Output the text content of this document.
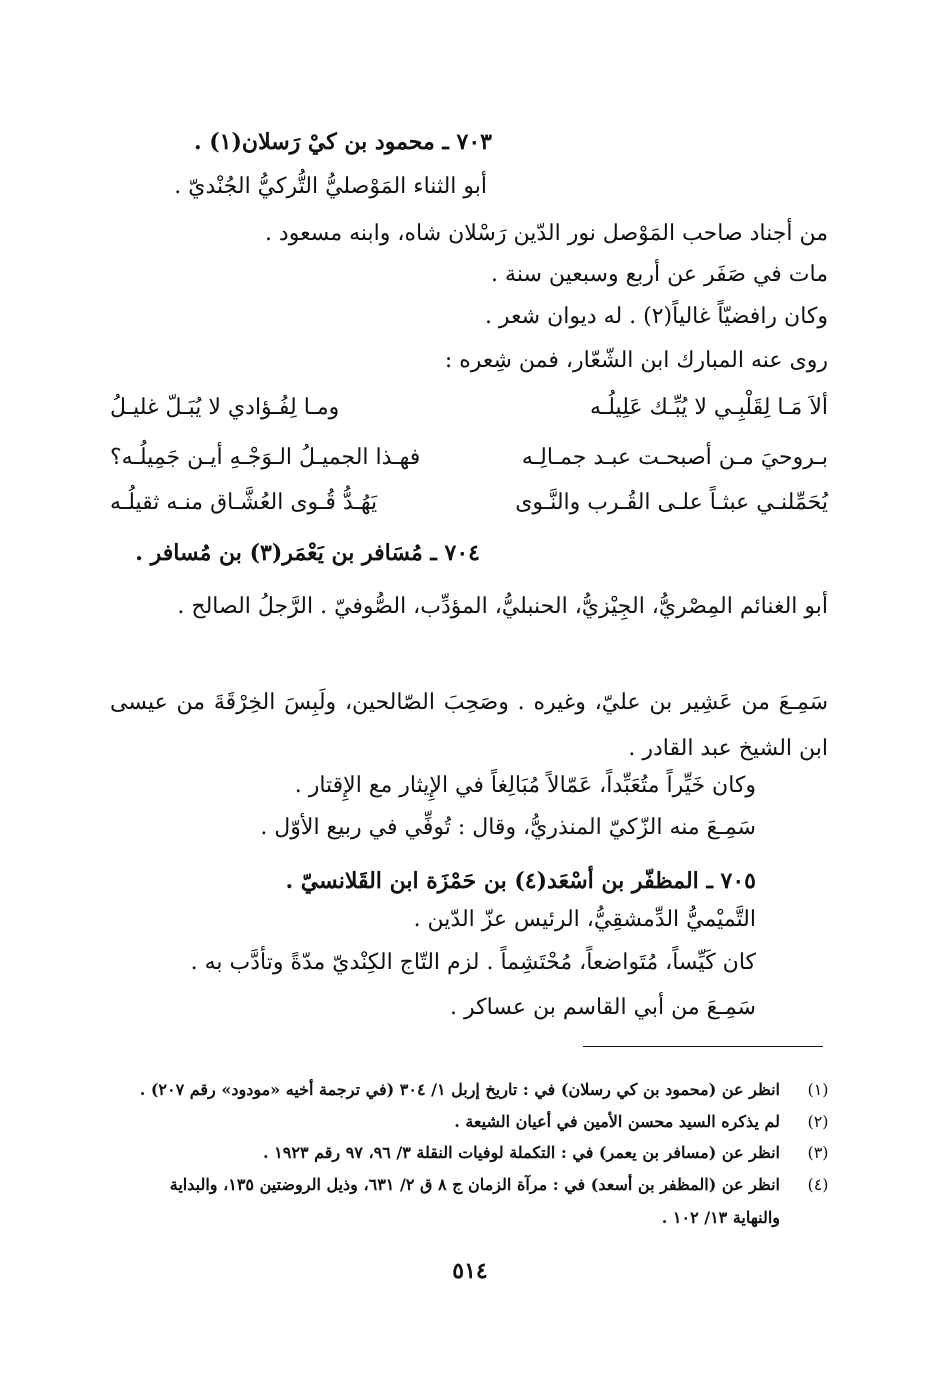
٧٠٣ ـ محمود بن كيْ رَسلان(١) .
أبو الثناء المَوْصليُّ التُّركيُّ الجُنْديّ .
من أجناد صاحب المَوْصل نور الدّين رَسْلان شاه، وابنه مسعود .
مات في صَفَر عن أربع وسبعين سنة .
وكان رافضيّاً غالياً(٢) . له ديوان شعر .
روى عنه المبارك ابن الشّعّار، فمن شِعره :
ألاَ مَـا لِقَلْبِـي لا يُبِّـك عَلِيلُـه
ومـا لِفُـؤادي لا يُبَـلّ غليـلُ
بـروحيَ مـن أصبحـت عبـد جمـالِـه
فهـذا الجميـلُ الـوَجْـهِ أيـن جَمِيلُـه؟
يُحَمِّلنـي عبثـاً علـى القُـرب والنَّـوى
يَهُـدُّ قُـوى العُشَّـاق منـه ثقيلُـه
٧٠٤ ـ مُسَافر بن يَعْمَر(٣) بن مُسافر .
أبو الغنائم المِصْريُّ، الجِيْزيُّ، الحنبليُّ، المؤدِّب، الصُّوفيّ . الرَّجلُ الصالح .
سَمِـعَ من عَشِير بن عليّ، وغيره . وصَحِبَ الصّالحين، ولَبِسَ الخِرْقَةَ من عيسى ابن الشيخ عبد القادر .
وكان خَيِّراً متُعَبِّداً، عَمّالاً مُبَالِغاً في الإِيثار مع الإِقتار .
سَمِـعَ منه الزّكيّ المنذريُّ، وقال : تُوفِّي في ربيع الأوّل .
٧٠٥ ـ المظفّر بن أسْعَد(٤) بن حَمْزَة ابن القَلانسيّ .
التَّميْميُّ الدِّمشقِيُّ، الرئيس عزّ الدّين .
كان كَيِّساً، مُتَواضعاً، مُحْتَشِماً . لزم التّاج الكِنْديّ مدّةً وتأدَّب به .
سَمِـعَ من أبي القاسم بن عساكر .
(١)
انظر عن (محمود بن كي رسلان) في : تاريخ إربل ١/ ٣٠٤ (في ترجمة أخيه «مودود» رقم ٢٠٧) .
(٢)
لم يذكره السيد محسن الأمين في أعيان الشيعة .
(٣)
انظر عن (مسافر بن يعمر) في : التكملة لوفيات النقلة ٣/ ٩٦، ٩٧ رقم ١٩٢٣ .
(٤)
انظر عن (المظفر بن أسعد) في : مرآة الزمان ج ٨ ق ٢/ ٦٣١، وذيل الروضتين ١٣٥، والبداية
والنهاية ١٣/ ١٠٢ .
٥١٤
